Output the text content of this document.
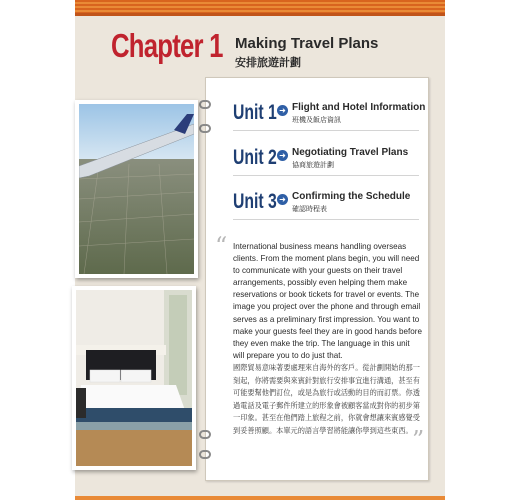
Chapter 1 Making Travel Plans
安排旅遊計劃
Unit 1 ➜ Flight and Hotel Information
班機及飯店資訊
Unit 2 ➜ Negotiating Travel Plans
協商旅遊計劃
Unit 3 ➜ Confirming the Schedule
確認時程表
“ International business means handling overseas clients. From the moment plans begin, you will need to communicate with your guests on their travel arrangements, possibly even helping them make reservations or book tickets for travel or events. The image you project over the phone and through email serves as a preliminary first impression. You want to make your guests feel they are in good hands before they even make the trip. The language in this unit will prepare you to do just that.
國際貿易意味著要處理來自海外的客戶。從計劃開始的那一刻起，你將需要與來賓針對旅行安排事宜進行溝通，甚至有可能要幫他們訂位，或是為旅行或活動的目的而訂票。你透過電話及電子郵件所建立的形象會被顧客當成對你的初步第一印象。甚至在他們踏上旅程之前，你就會想讓來賓感覺受到妥善照顧。本單元的語言學習將能讓你學到這些東西。 ”
